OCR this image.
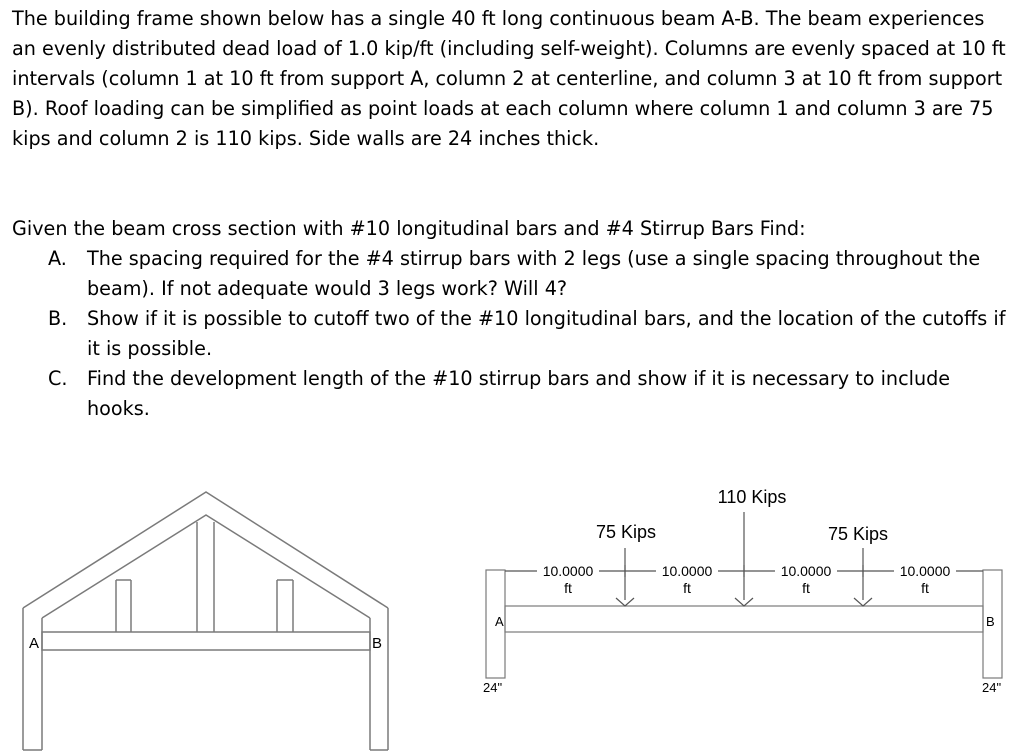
The building frame shown below has a single 40 ft long continuous beam A-B. The beam experiences an evenly distributed dead load of 1.0 kip/ft (including self-weight). Columns are evenly spaced at 10 ft intervals (column 1 at 10 ft from support A, column 2 at centerline, and column 3 at 10 ft from support B). Roof loading can be simplified as point loads at each column where column 1 and column 3 are 75 kips and column 2 is 110 kips. Side walls are 24 inches thick.

Given the beam cross section with #10 longitudinal bars and #4 Stirrup Bars Find:

A. The spacing required for the #4 stirrup bars with 2 legs (use a single spacing throughout the beam). If not adequate would 3 legs work? Will 4?
B. Show if it is possible to cutoff two of the #10 longitudinal bars, and the location of the cutoffs if it is possible.
C. Find the development length of the #10 stirrup bars and show if it is necessary to include hooks.
A	B
10.0000
ft
10.0000
ft
10.0000
ft
10.0000
ft
75 Kips
110 Kips
75 Kips
A	B
24"	24"
